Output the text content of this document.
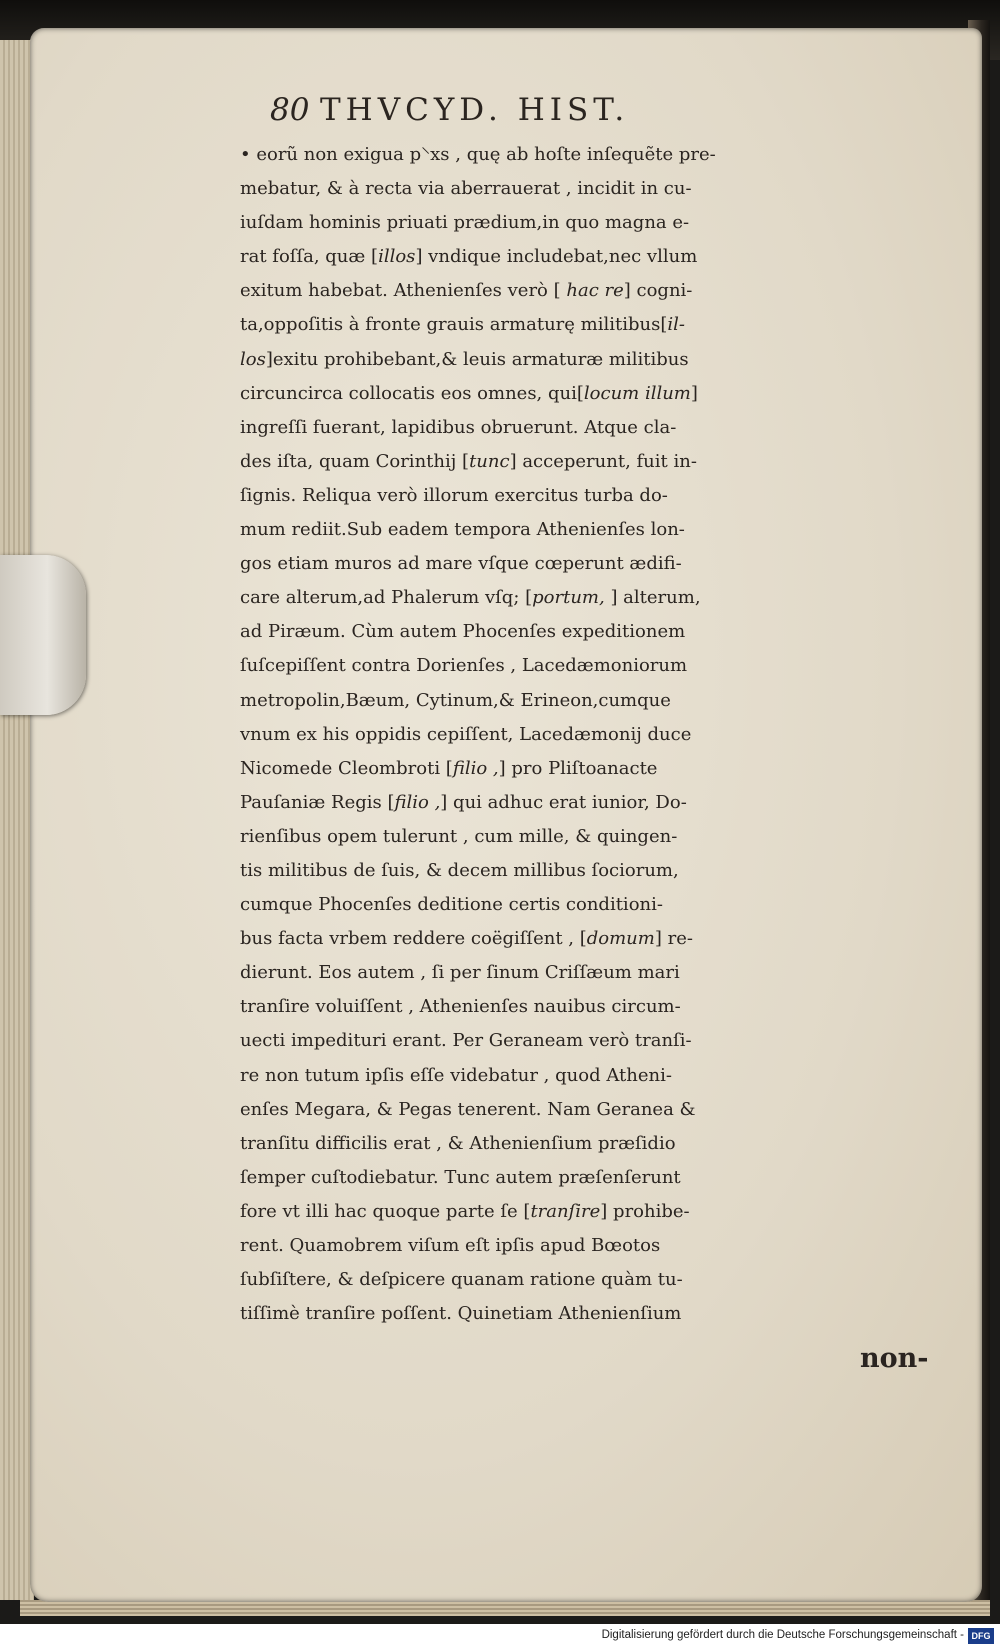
80 THVCYD. HIST.
• eorũ non exigua p⸌xs , quę ab hoſte inſequẽte pre-
mebatur, & à recta via aberrauerat , incidit in cu-
iuſdam hominis priuati prædium,in quo magna e-
rat foſſa, quæ [illos] vndique includebat,nec vllum
exitum habebat. Athenienſes verò [ hac re] cogni-
ta,oppoſitis à fronte grauis armaturę militibus[il-
los]exitu prohibebant,& leuis armaturæ militibus
circuncirca collocatis eos omnes, qui[locum illum]
ingreſſi fuerant, lapidibus obruerunt. Atque cla-
des iſta, quam Corinthij [tunc] acceperunt, fuit in-
ſignis. Reliqua verò illorum exercitus turba do-
mum rediit.Sub eadem tempora Athenienſes lon-
gos etiam muros ad mare vſque cœperunt ædifi-
care alterum,ad Phalerum vſq; [portum, ] alterum,
ad Piræum. Cùm autem Phocenſes expeditionem
ſuſcepiſſent contra Dorienſes , Lacedæmoniorum
metropolin,Bæum, Cytinum,& Erineon,cumque
vnum ex his oppidis cepiſſent, Lacedæmonij duce
Nicomede Cleombroti [filio ,] pro Pliſtoanacte
Pauſaniæ Regis [filio ,] qui adhuc erat iunior, Do-
rienſibus opem tulerunt , cum mille, & quingen-
tis militibus de ſuis, & decem millibus ſociorum,
cumque Phocenſes deditione certis conditioni-
bus facta vrbem reddere coëgiſſent , [domum] re-
dierunt. Eos autem , ſi per ſinum Criſſæum mari
tranſire voluiſſent , Athenienſes nauibus circum-
uecti impedituri erant. Per Geraneam verò tranſi-
re non tutum ipſis eſſe videbatur , quod Atheni-
enſes Megara, & Pegas tenerent. Nam Geranea &
tranſitu difficilis erat , & Athenienſium præſidio
ſemper cuſtodiebatur. Tunc autem præſenſerunt
fore vt illi hac quoque parte ſe [tranſire] prohibe-
rent. Quamobrem viſum eſt ipſis apud Bœotos
ſubſiſtere, & deſpicere quanam ratione quàm tu-
tiſſimè tranſire poſſent. Quinetiam Athenienſium
non-
Digitalisierung gefördert durch die Deutsche Forschungsgemeinschaft - DFG
